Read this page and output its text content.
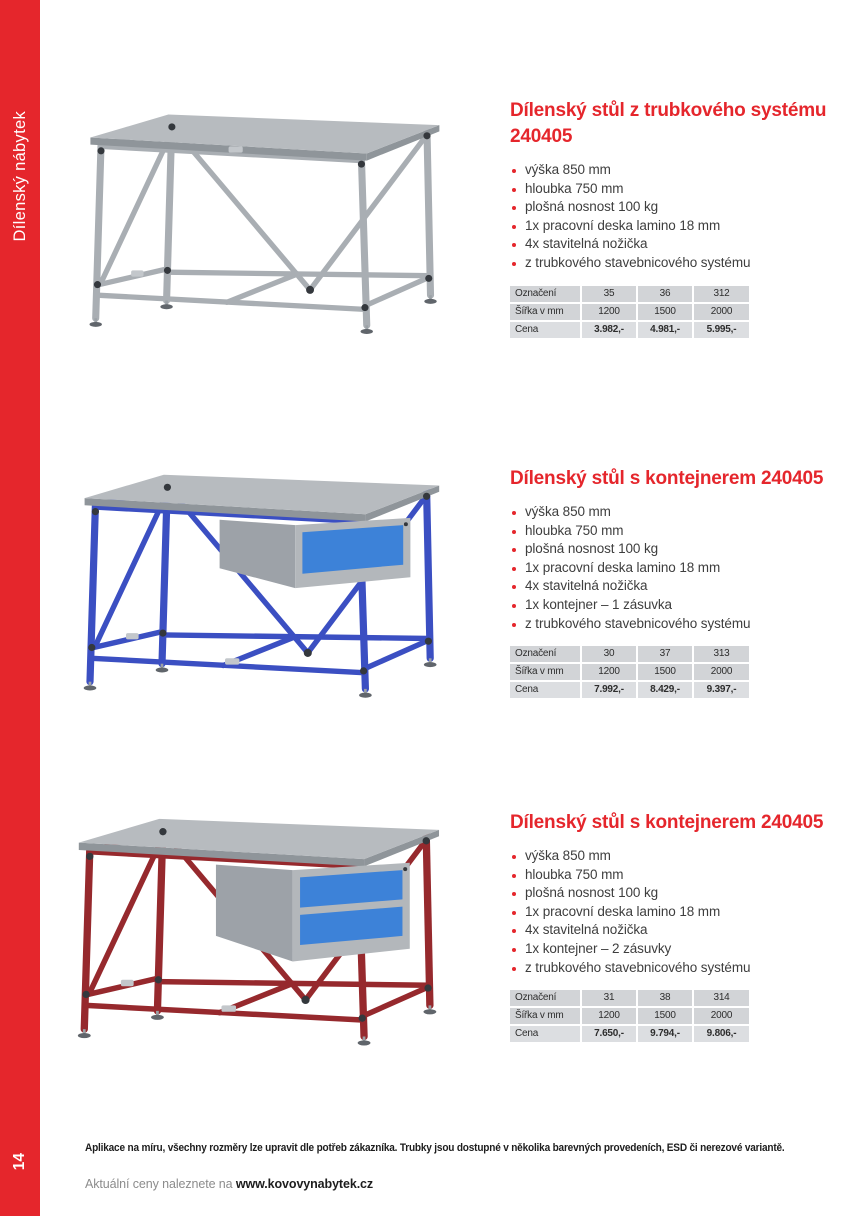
Dílenský nábytek
14
Dílenský stůl z trubkového systému
240405
výška 850 mm
hloubka 750 mm
plošná nosnost 100 kg
1x pracovní deska lamino 18 mm
4x stavitelná nožička
z trubkového stavebnicového systému
Označení	35	36	312
Šířka v mm	1200	1500	2000
Cena	3.982,-	4.981,-	5.995,-
Dílenský stůl s kontejnerem 240405
výška 850 mm
hloubka 750 mm
plošná nosnost 100 kg
1x pracovní deska lamino 18 mm
4x stavitelná nožička
1x kontejner – 1 zásuvka
z trubkového stavebnicového systému
Označení	30	37	313
Šířka v mm	1200	1500	2000
Cena	7.992,-	8.429,-	9.397,-
Dílenský stůl s kontejnerem 240405
výška 850 mm
hloubka 750 mm
plošná nosnost 100 kg
1x pracovní deska lamino 18 mm
4x stavitelná nožička
1x kontejner – 2 zásuvky
z trubkového stavebnicového systému
Označení	31	38	314
Šířka v mm	1200	1500	2000
Cena	7.650,-	9.794,-	9.806,-
Aplikace na míru, všechny rozměry lze upravit dle potřeb zákazníka. Trubky jsou dostupné v několika barevných provedeních, ESD či nerezové variantě.
Aktuální ceny naleznete na www.kovovynabytek.cz
